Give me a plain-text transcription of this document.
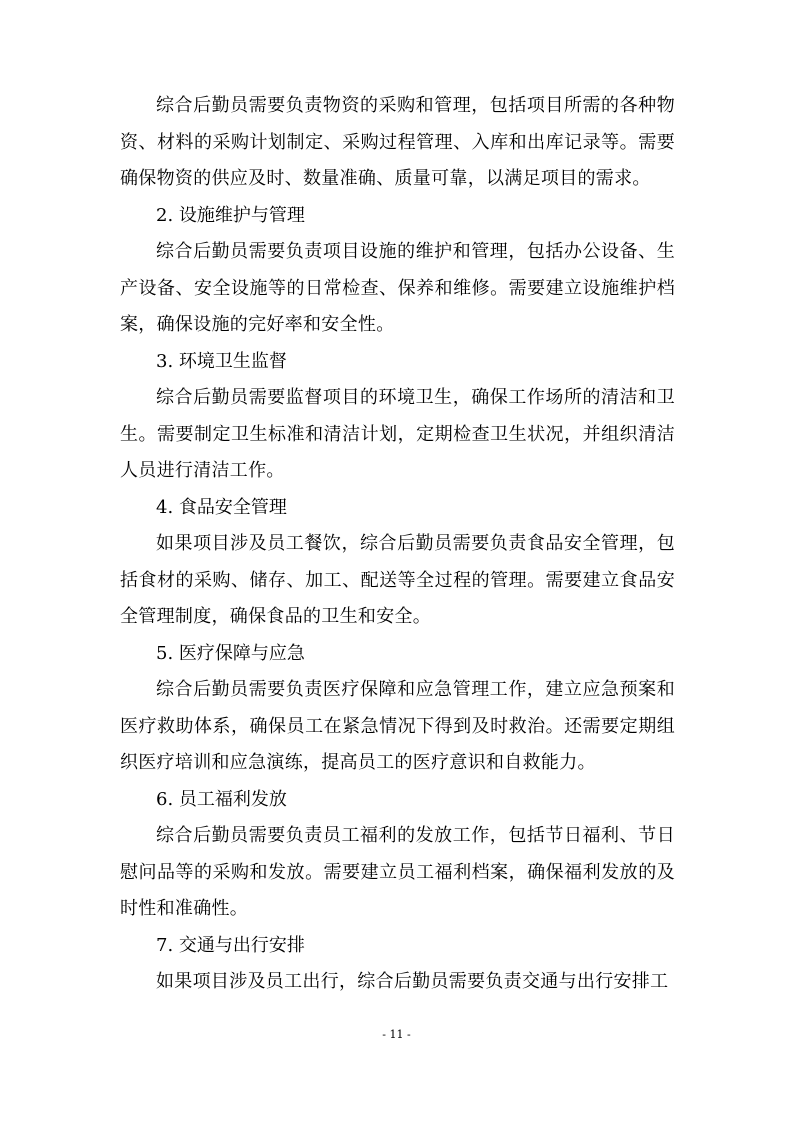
综合后勤员需要负责物资的采购和管理，包括项目所需的各种物资、材料的采购计划制定、采购过程管理、入库和出库记录等。需要确保物资的供应及时、数量准确、质量可靠，以满足项目的需求。

2. 设施维护与管理

综合后勤员需要负责项目设施的维护和管理，包括办公设备、生产设备、安全设施等的日常检查、保养和维修。需要建立设施维护档案，确保设施的完好率和安全性。

3. 环境卫生监督

综合后勤员需要监督项目的环境卫生，确保工作场所的清洁和卫生。需要制定卫生标准和清洁计划，定期检查卫生状况，并组织清洁人员进行清洁工作。

4. 食品安全管理

如果项目涉及员工餐饮，综合后勤员需要负责食品安全管理，包括食材的采购、储存、加工、配送等全过程的管理。需要建立食品安全管理制度，确保食品的卫生和安全。

5. 医疗保障与应急

综合后勤员需要负责医疗保障和应急管理工作，建立应急预案和医疗救助体系，确保员工在紧急情况下得到及时救治。还需要定期组织医疗培训和应急演练，提高员工的医疗意识和自救能力。

6. 员工福利发放

综合后勤员需要负责员工福利的发放工作，包括节日福利、节日慰问品等的采购和发放。需要建立员工福利档案，确保福利发放的及时性和准确性。

7. 交通与出行安排

如果项目涉及员工出行，综合后勤员需要负责交通与出行安排工

- 11 -
